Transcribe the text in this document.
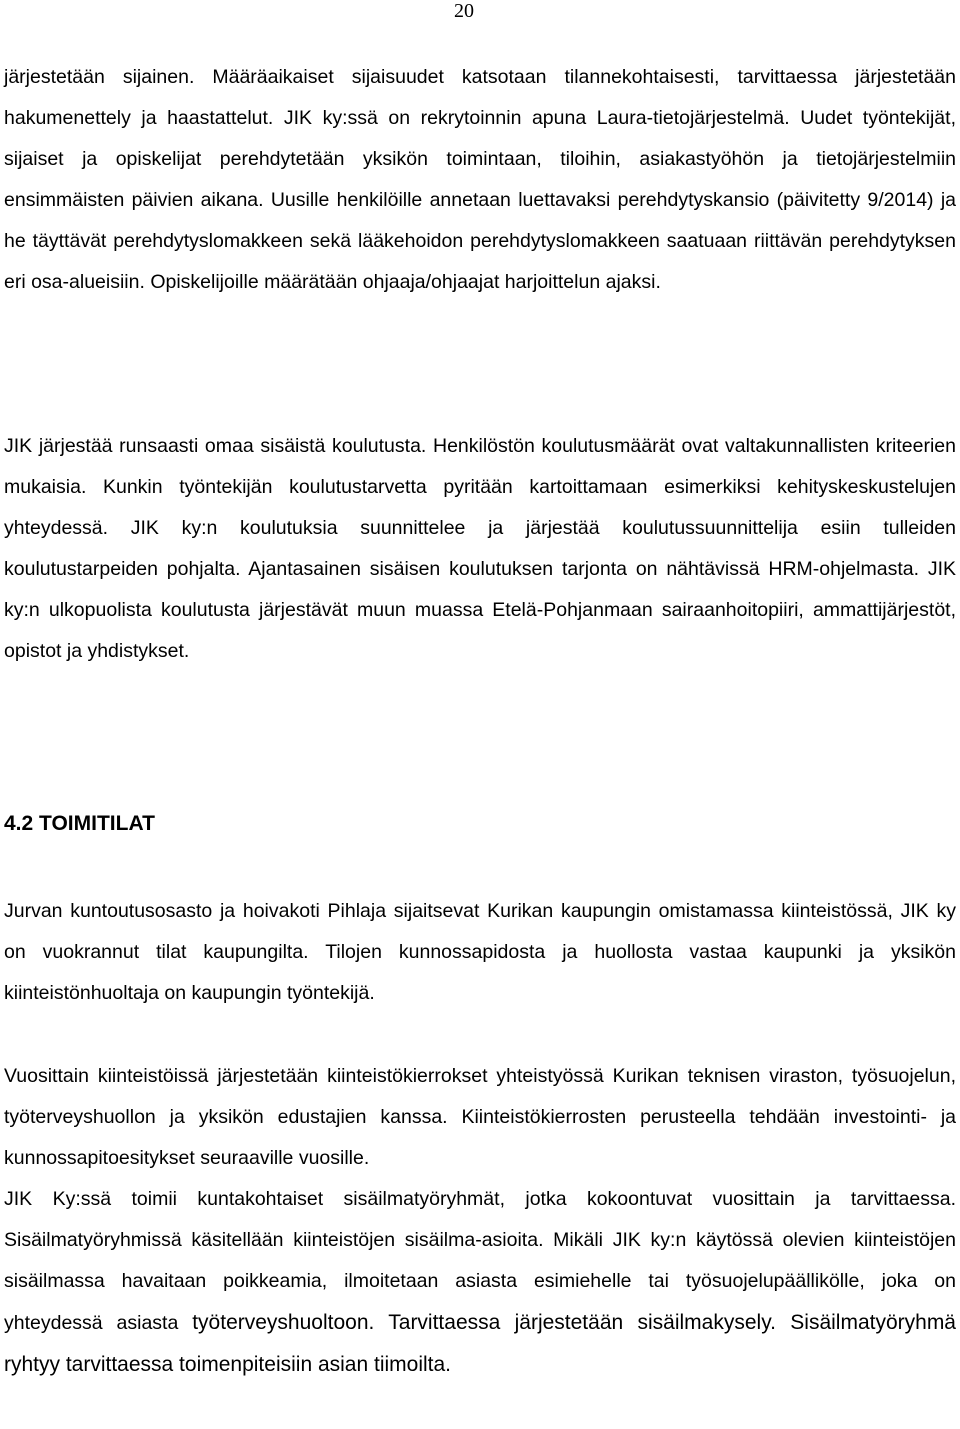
20

järjestetään sijainen. Määräaikaiset sijaisuudet katsotaan tilannekohtaisesti, tarvittaessa järjestetään hakumenettely ja haastattelut. JIK ky:ssä on rekrytoinnin apuna Laura-tietojärjestelmä. Uudet työntekijät, sijaiset ja opiskelijat perehdytetään yksikön toimintaan, tiloihin, asiakastyöhön ja tietojärjestelmiin ensimmäisten päivien aikana. Uusille henkilöille annetaan luettavaksi perehdytyskansio (päivitetty 9/2014) ja he täyttävät perehdytyslomakkeen sekä lääkehoidon perehdytyslomakkeen saatuaan riittävän perehdytyksen eri osa-alueisiin. Opiskelijoille määrätään ohjaaja/ohjaajat harjoittelun ajaksi.

JIK järjestää runsaasti omaa sisäistä koulutusta. Henkilöstön koulutusmäärät ovat valtakunnallisten kriteerien mukaisia. Kunkin työntekijän koulutustarvetta pyritään kartoittamaan esimerkiksi kehityskeskustelujen yhteydessä. JIK ky:n koulutuksia suunnittelee ja järjestää koulutussuunnittelija esiin tulleiden koulutustarpeiden pohjalta. Ajantasainen sisäisen koulutuksen tarjonta on nähtävissä HRM-ohjelmasta. JIK ky:n ulkopuolista koulutusta järjestävät muun muassa Etelä-Pohjanmaan sairaanhoitopiiri, ammattijärjestöt, opistot ja yhdistykset.

4.2 TOIMITILAT

Jurvan kuntoutusosasto ja hoivakoti Pihlaja sijaitsevat Kurikan kaupungin omistamassa kiinteistössä, JIK ky on vuokrannut tilat kaupungilta. Tilojen kunnossapidosta ja huollosta vastaa kaupunki ja yksikön kiinteistönhuoltaja on kaupungin työntekijä.

Vuosittain kiinteistöissä järjestetään kiinteistökierrokset yhteistyössä Kurikan teknisen viraston, työsuojelun, työterveyshuollon ja yksikön edustajien kanssa. Kiinteistökierrosten perusteella tehdään investointi- ja kunnossapitoesitykset seuraaville vuosille.

JIK Ky:ssä toimii kuntakohtaiset sisäilmatyöryhmät, jotka kokoontuvat vuosittain ja tarvittaessa. Sisäilmatyöryhmissä käsitellään kiinteistöjen sisäilma-asioita. Mikäli JIK ky:n käytössä olevien kiinteistöjen sisäilmassa havaitaan poikkeamia, ilmoitetaan asiasta esimiehelle tai työsuojelupäällikölle, joka on yhteydessä asiasta työterveyshuoltoon. Tarvittaessa järjestetään sisäilmakysely. Sisäilmatyöryhmä ryhtyy tarvittaessa toimenpiteisiin asian tiimoilta.
